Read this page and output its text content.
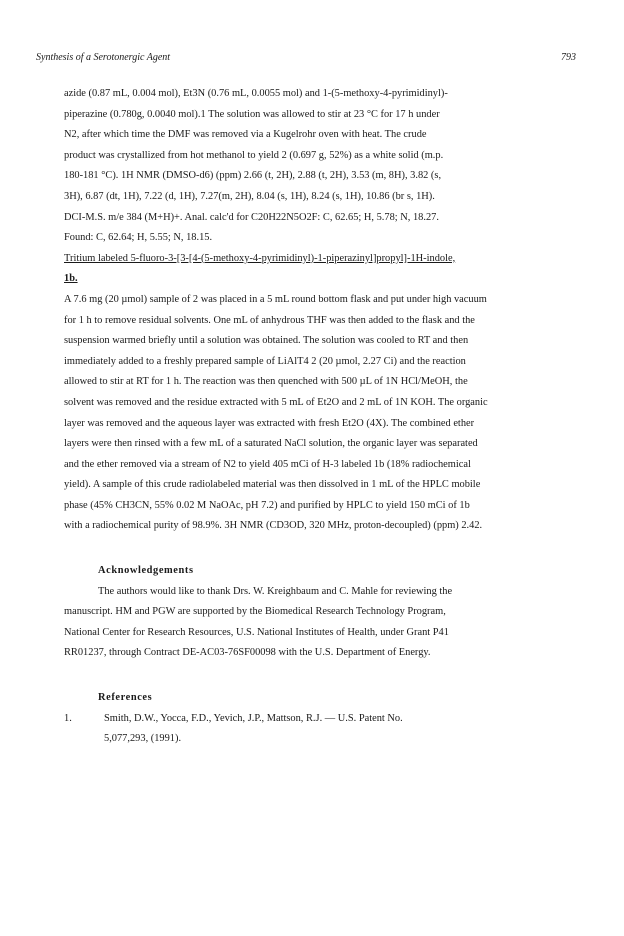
Synthesis of a Serotonergic Agent	793
azide (0.87 mL, 0.004 mol), Et3N (0.76 mL, 0.0055 mol) and 1-(5-methoxy-4-pyrimidinyl)-
piperazine (0.780g, 0.0040 mol).1 The solution was allowed to stir at 23 °C for 17 h under
N2, after which time the DMF was removed via a Kugelrohr oven with heat. The crude
product was crystallized from hot methanol to yield 2 (0.697 g, 52%) as a white solid (m.p.
180-181 °C). 1H NMR (DMSO-d6) (ppm) 2.66 (t, 2H), 2.88 (t, 2H), 3.53 (m, 8H), 3.82 (s,
3H), 6.87 (dt, 1H), 7.22 (d, 1H), 7.27(m, 2H), 8.04 (s, 1H), 8.24 (s, 1H), 10.86 (br s, 1H).
DCI-M.S. m/e 384 (M+H)+. Anal. calc'd for C20H22N5O2F: C, 62.65; H, 5.78; N, 18.27.
Found: C, 62.64; H, 5.55; N, 18.15.
Tritium labeled 5-fluoro-3-[3-[4-(5-methoxy-4-pyrimidinyl)-1-piperazinyl]propyl]-1H-indole,
1b.
A 7.6 mg (20 µmol) sample of 2 was placed in a 5 mL round bottom flask and put under high vacuum
for 1 h to remove residual solvents. One mL of anhydrous THF was then added to the flask and the
suspension warmed briefly until a solution was obtained. The solution was cooled to RT and then
immediately added to a freshly prepared sample of LiAlT4 2 (20 µmol, 2.27 Ci) and the reaction
allowed to stir at RT for 1 h. The reaction was then quenched with 500 µL of 1N HCl/MeOH, the
solvent was removed and the residue extracted with 5 mL of Et2O and 2 mL of 1N KOH. The organic
layer was removed and the aqueous layer was extracted with fresh Et2O (4X). The combined ether
layers were then rinsed with a few mL of a saturated NaCl solution, the organic layer was separated
and the ether removed via a stream of N2 to yield 405 mCi of H-3 labeled 1b (18% radiochemical
yield). A sample of this crude radiolabeled material was then dissolved in 1 mL of the HPLC mobile
phase (45% CH3CN, 55% 0.02 M NaOAc, pH 7.2) and purified by HPLC to yield 150 mCi of 1b
with a radiochemical purity of 98.9%. 3H NMR (CD3OD, 320 MHz, proton-decoupled) (ppm) 2.42.
Acknowledgements
The authors would like to thank Drs. W. Kreighbaum and C. Mahle for reviewing the
manuscript. HM and PGW are supported by the Biomedical Research Technology Program,
National Center for Research Resources, U.S. National Institutes of Health, under Grant P41
RR01237, through Contract DE-AC03-76SF00098 with the U.S. Department of Energy.
References
1.	Smith, D.W., Yocca, F.D., Yevich, J.P., Mattson, R.J. — U.S. Patent No.
5,077,293, (1991).
